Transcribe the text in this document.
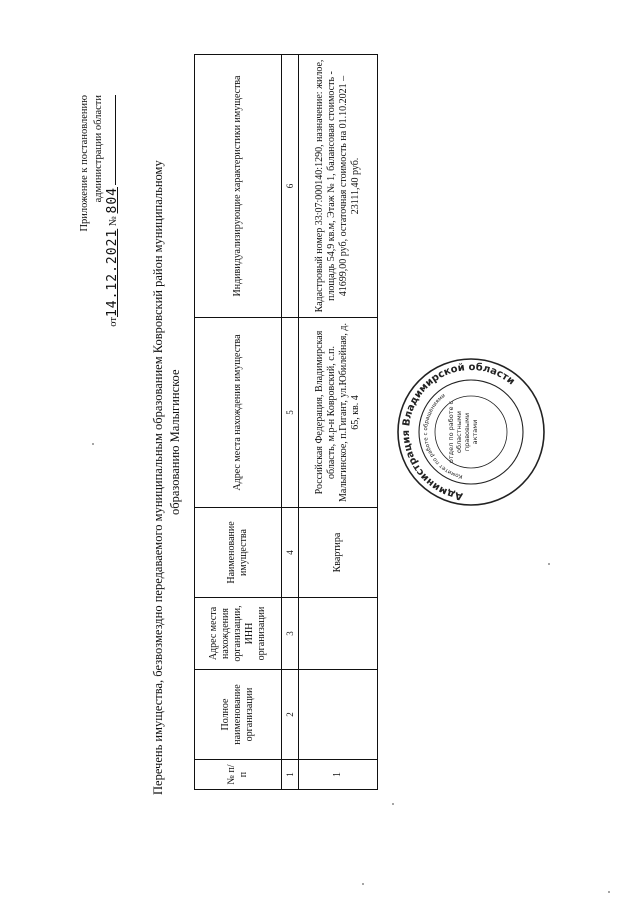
Приложение к постановлению администрации области
от14.12.2021 № 804 Перечень имущества, безвозмездно передаваемого муниципальным образованием Ковровский район муниципальному образованию Малыгинское
№ п/п	Полное наименование организации	Адрес места нахождения организации, ИНН организации	Наименование имущества	Адрес места нахождения имущества	Индивидуализирующие характеристики имущества
1	2	3	4	5	6
1			Квартира	Российская Федерация, Владимирская область, м.р-н Ковровский, с.п. Малыгинское, п.Гигант, ул.Юбилейная, д. 65, кв. 4	Кадастровый номер 33:07:000140:1290, назначение: жилое, площадь 54,9 кв.м, Этаж № 1, балансовая стоимость - 41699,00 руб, остаточная стоимость на 01.10.2021 – 23111,40 руб.
Администрация Владимирской области
Комитет по работе с обращениями
отдел по работе с областными правовыми актами
